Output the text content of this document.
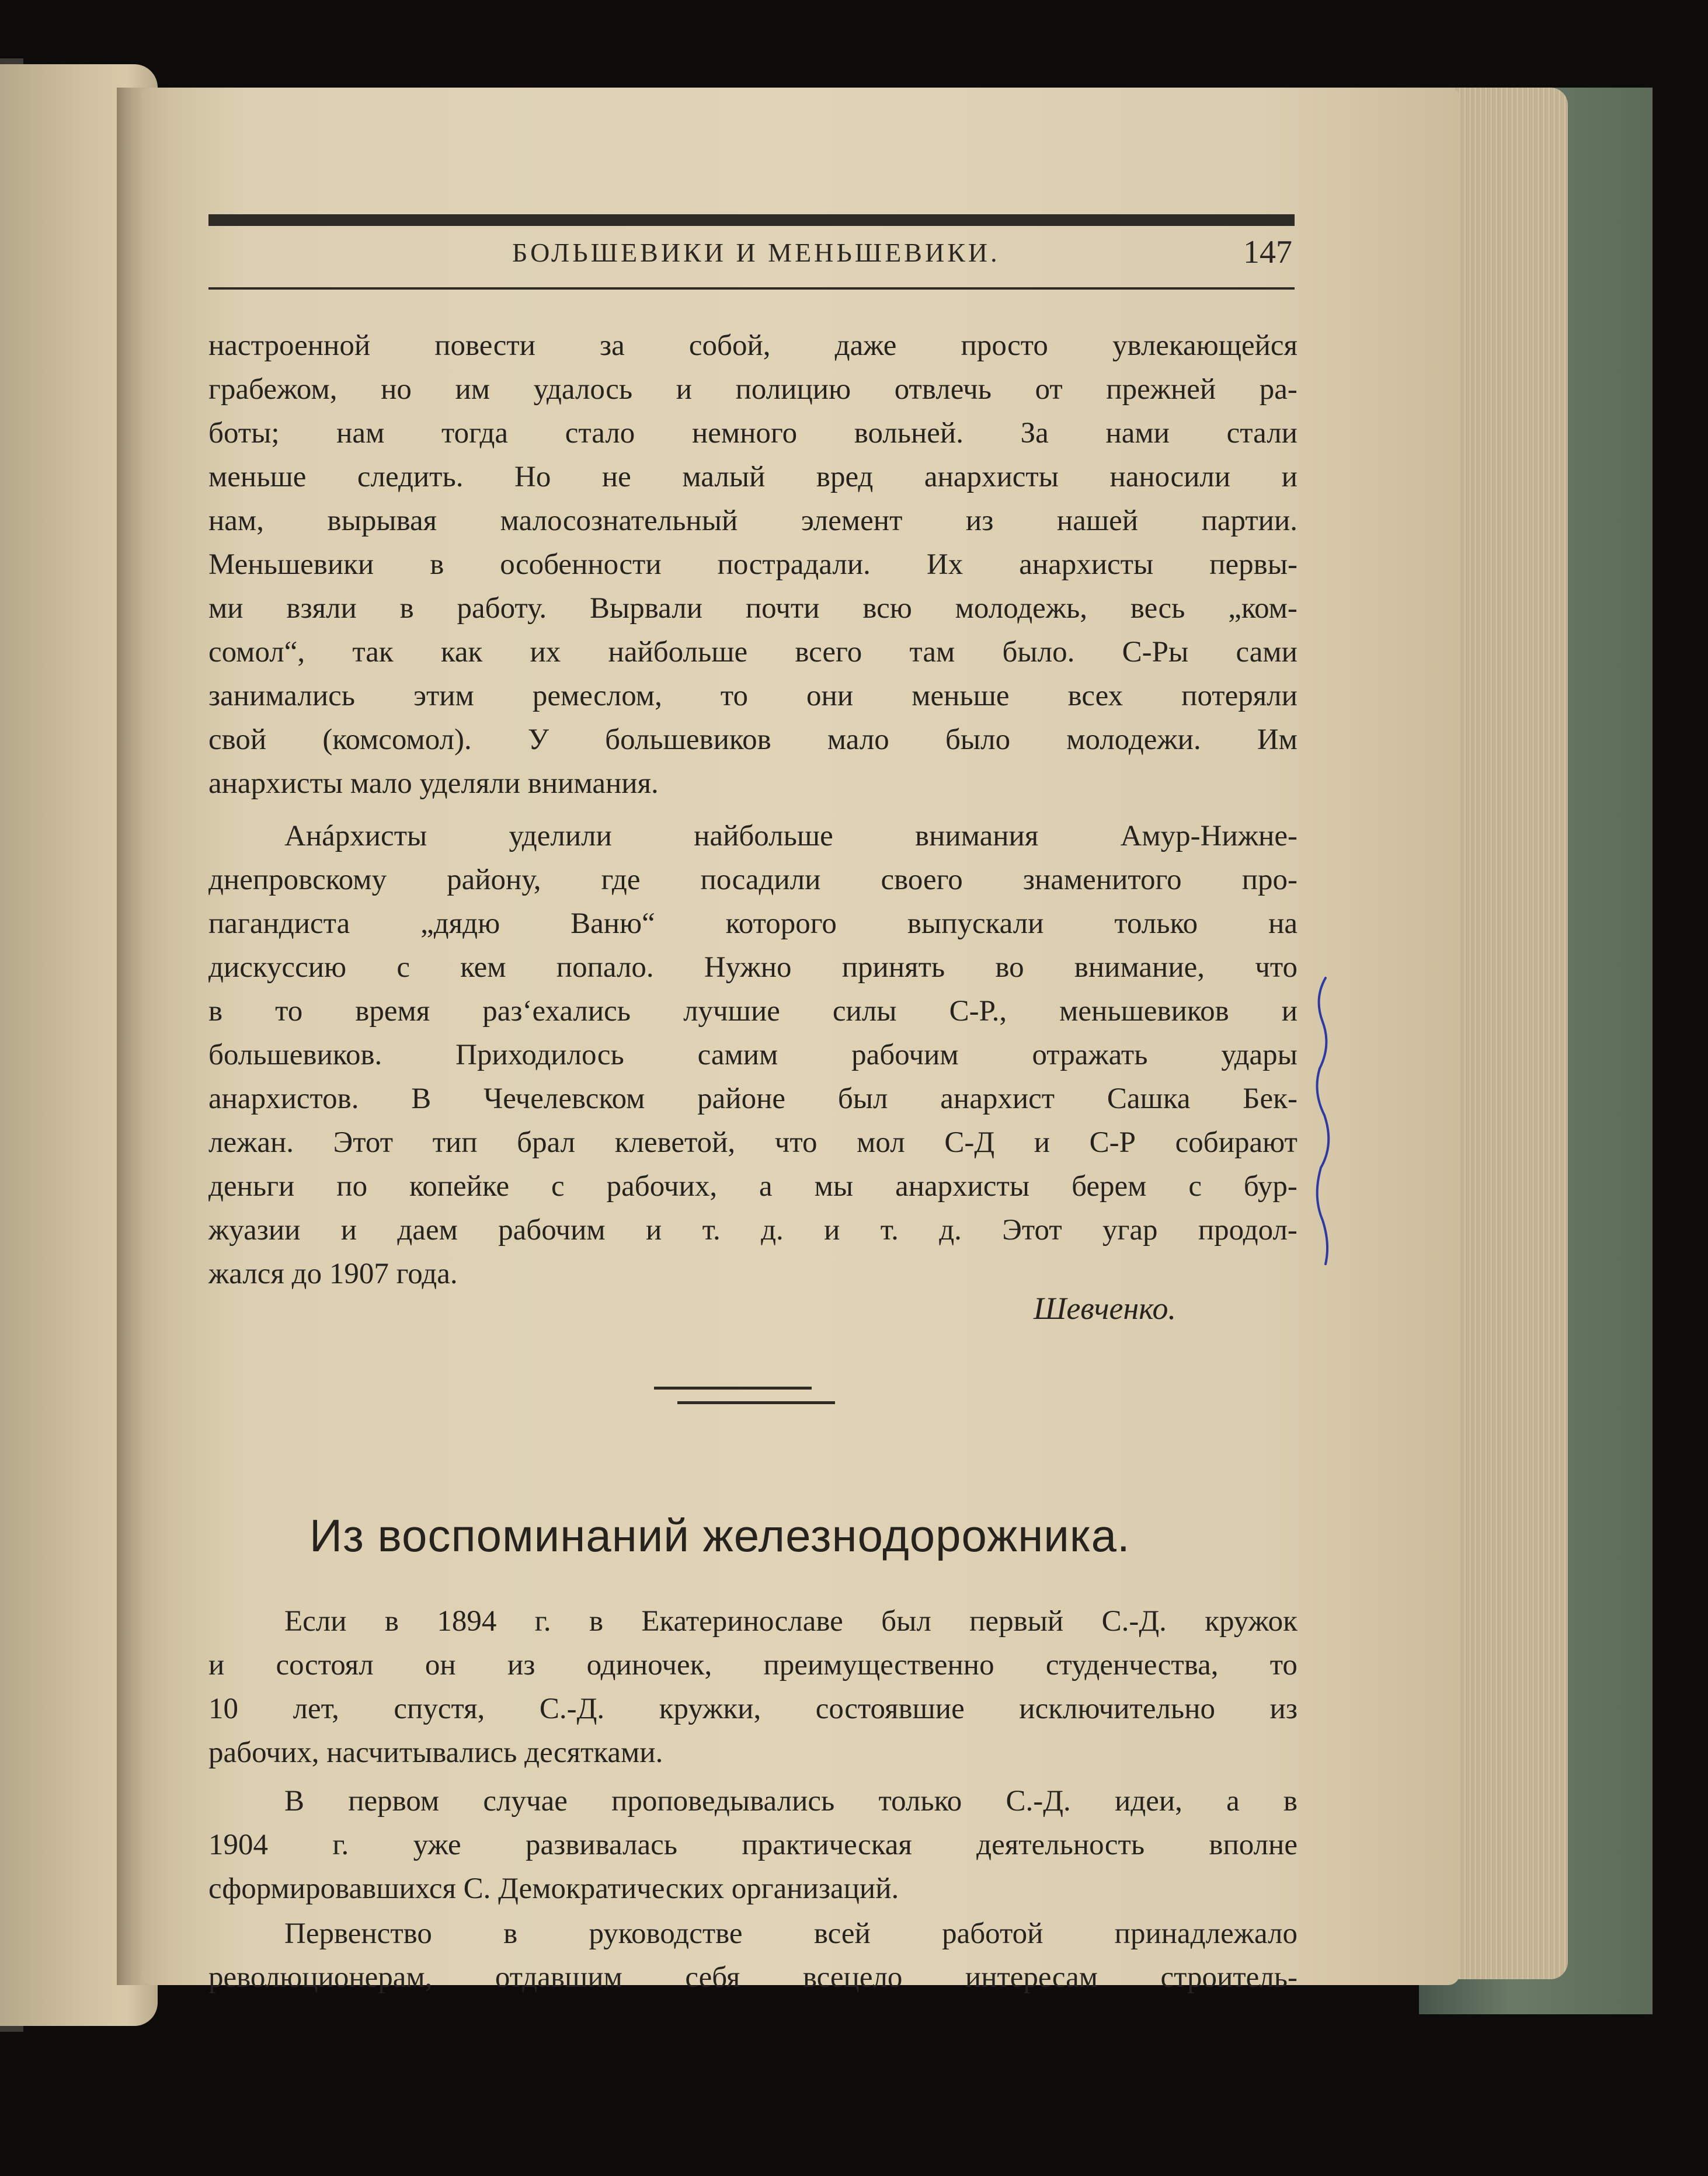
БОЛЬШЕВИКИ И МЕНЬШЕВИКИ.	147
настроенной повести за собой, даже просто увлекающейся
грабежом, но им удалось и полицию отвлечь от прежней ра-
боты; нам тогда стало немного вольней. За нами стали
меньше следить. Но не малый вред анархисты наносили и
нам, вырывая малосознательный элемент из нашей партии.
Меньшевики в особенности пострадали. Их анархисты первы-
ми взяли в работу. Вырвали почти всю молодежь, весь „ком-
сомол“, так как их найбольше всего там было. С-Ры сами
занимались этим ремеслом, то они меньше всех потеряли
свой (комсомол). У большевиков мало было молодежи. Им
анархисты мало уделяли внимания.
Анáрхисты	уделили	найбольше	внимания	Амур-Нижне-
днепровскому району, где посадили своего знаменитого про-
пагандиста „дядю Ваню“ которого выпускали только на
дискуссию с кем попало. Нужно принять во внимание, что
в то время раз‘ехались лучшие силы С-Р., меньшевиков и
большевиков. Приходилось самим рабочим отражать удары
анархистов. В Чечелевском районе был анархист Сашка Бек-
лежан. Этот тип брал клеветой, что мол С-Д и С-Р собирают
деньги по копейке с рабочих, а мы анархисты берем с бур-
жуазии и даем рабочим и т. д. и т. д. Этот угар продол-
жался до 1907 года.
Шевченко.
Из воспоминаний железнодорожника.
Если в 1894 г. в Екатеринославе был первый С.-Д. кружок
и состоял он из одиночек, преимущественно студенчества, то
10 лет, спустя, С.-Д. кружки, состоявшие исключительно из
рабочих, насчитывались десятками.
В первом случае проповедывались только С.-Д. идеи, а в
1904 г. уже развивалась практическая деятельность вполне
сформировавшихся С. Демократических организаций.
Первенство в руководстве всей работой принадлежало
революционерам, отдавшим себя всецело интересам строитель-
